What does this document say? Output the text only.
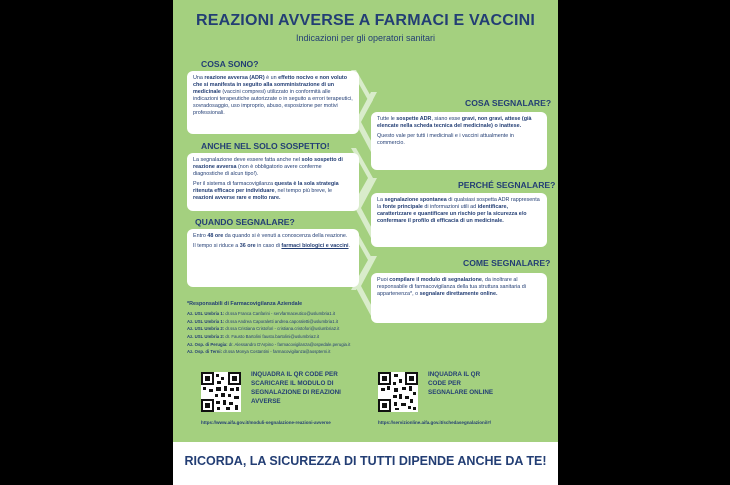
REAZIONI AVVERSE A FARMACI E VACCINI
Indicazioni per gli operatori sanitari
COSA SONO?

Una reazione avversa (ADR) è un effetto nocivo e non voluto che si manifesta in seguito alla somministrazione di un medicinale (vaccini compresi) utilizzato in conformità alle indicazioni terapeutiche autorizzate o in seguito a errori terapeutici, sovradosaggio, uso improprio, abuso, esposizione per motivi professionali.

COSA SEGNALARE?

Tutte le sospette ADR, siano esse gravi, non gravi, attese (già elencate nella scheda tecnica del medicinale) o inattese.

Questo vale per tutti i medicinali e i vaccini attualmente in commercio.

ANCHE NEL SOLO SOSPETTO!

La segnalazione deve essere fatta anche nel solo sospetto di reazione avversa (non è obbligatorio avere conferme diagnostiche di alcun tipo!).

Per il sistema di farmacovigilanza questa è la sola strategia ritenuta efficace per individuare, nel tempo più breve, le reazioni avverse rare e molto rare.

PERCHÉ SEGNALARE?

La segnalazione spontanea di qualsiasi sospetta ADR rappresenta la fonte principale di informazioni utili ad identificare, caratterizzare e quantificare un rischio per la sicurezza e/o confermare il profilo di efficacia di un medicinale.

QUANDO SEGNALARE?

Entro 48 ore da quando si è venuti a conoscenza della reazione.

Il tempo si riduce a 36 ore in caso di farmaci biologici e vaccini.

COME SEGNALARE?

Puoi compilare il modulo di segnalazione, da inoltrare al responsabile di farmacovigilanza della tua struttura sanitaria di appartenenza*, o segnalare direttamente online.

*Responsabili di Farmacovigilanza Aziendale
Az. USL Umbria 1: dr.ssa Franca Canfarini - servfarmaceutico@uslumbria1.it
Az. USL Umbria 1: dr.ssa Andrea Caporaletti andrea.caporaletti@uslumbria1.it
Az. USL Umbria 2: dr.ssa Cristiana Cristofori - cristiana.cristofori@uslumbria2.it
Az. USL Umbria 2: dr. Fausto Bartolini fausto.bartolini@uslumbria2.it
Az. Osp. di Perugia: dr. Alessandro D'Arpino - farmacovigilanza@ospedale.perugia.it
Az. Osp. di Terni: dr.ssa Monya Costantini - farmacovigilanza@aospterni.it
INQUADRA IL QR CODE PER SCARICARE IL MODULO DI SEGNALAZIONE DI REAZIONI AVVERSE
https://www.aifa.gov.it/moduli-segnalazione-reazioni-avverse
INQUADRA IL QR CODE PER SEGNALARE ONLINE
https://servizionline.aifa.gov.it/schedasegnalazioni/#/
RICORDA, LA SICUREZZA DI TUTTI DIPENDE ANCHE DA TE!
